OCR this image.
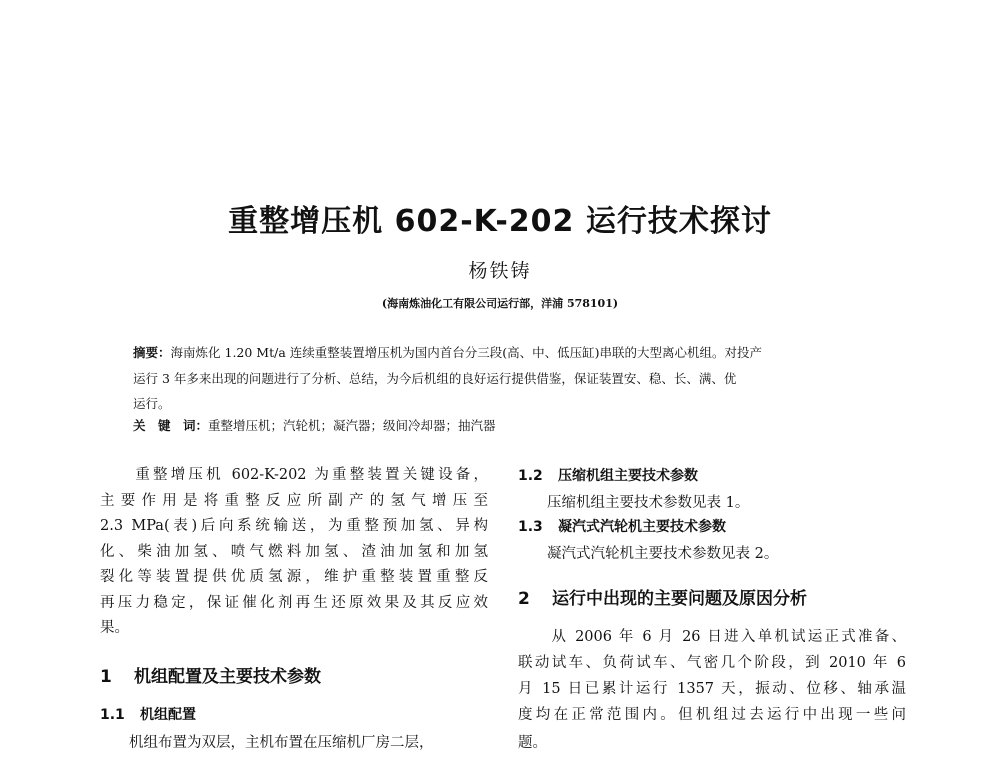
重整增压机 602-K-202 运行技术探讨
杨铁铸
(海南炼油化工有限公司运行部，洋浦 578101)
摘要：海南炼化 1.20 Mt/a 连续重整装置增压机为国内首台分三段(高、中、低压缸)串联的大型离心机组。对投产
运行 3 年多来出现的问题进行了分析、总结，为今后机组的良好运行提供借鉴，保证装置安、稳、长、满、优
运行。
关　键　词：重整增压机；汽轮机；凝汽器；级间冷却器；抽汽器
　　重整增压机 602-K-202 为重整装置关键设备，
主要作用是将重整反应所副产的氢气增压至
2.3 MPa(表)后向系统输送，为重整预加氢、异构
化、柴油加氢、喷气燃料加氢、渣油加氢和加氢
裂化等装置提供优质氢源，维护重整装置重整反
再压力稳定，保证催化剂再生还原效果及其反应效
果。
1 机组配置及主要技术参数
1.1 机组配置
　　机组布置为双层，主机布置在压缩机厂房二层，
1.2 压缩机组主要技术参数
　　压缩机组主要技术参数见表 1。
1.3 凝汽式汽轮机主要技术参数
　　凝汽式汽轮机主要技术参数见表 2。
2 运行中出现的主要问题及原因分析
　　从 2006 年 6 月 26 日进入单机试运正式准备、
联动试车、负荷试车、气密几个阶段，到 2010 年 6
月 15 日已累计运行 1357 天，振动、位移、轴承温
度均在正常范围内。但机组过去运行中出现一些问
题。
